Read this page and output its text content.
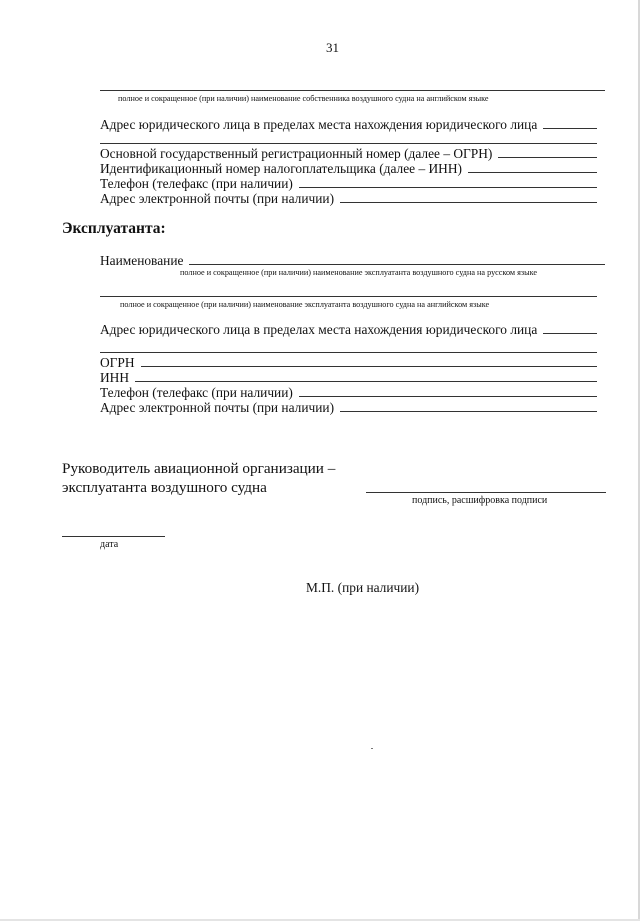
31
полное и сокращенное (при наличии) наименование собственника воздушного судна на английском языке
Адрес юридического лица в пределах места нахождения юридического лица
Основной государственный регистрационный номер (далее – ОГРН)
Идентификационный номер налогоплательщика (далее – ИНН)
Телефон (телефакс (при наличии)
Адрес электронной почты (при наличии)
Эксплуатанта:
Наименование
полное и сокращенное (при наличии) наименование эксплуатанта воздушного судна на русском языке
полное и сокращенное (при наличии) наименование эксплуатанта воздушного судна на английском языке
Адрес юридического лица в пределах места нахождения юридического лица
ОГРН
ИНН
Телефон (телефакс (при наличии)
Адрес электронной почты (при наличии)
Руководитель авиационной организации –
эксплуатанта воздушного судна
подпись, расшифровка подписи
дата
М.П. (при наличии)
